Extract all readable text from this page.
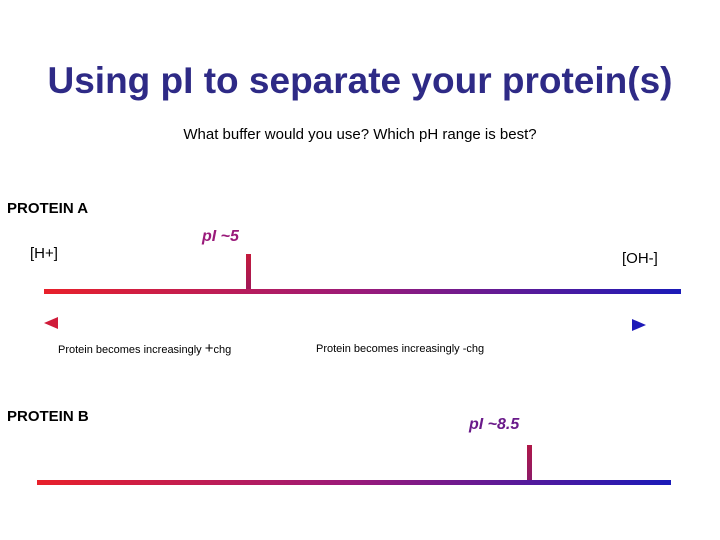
Using pI to separate your protein(s)
What buffer would you use? Which pH range is best?
PROTEIN A
[H+]
pI ~5
[OH-]
Protein becomes increasingly +chg	Protein becomes increasingly -chg
PROTEIN B	pI ~8.5
